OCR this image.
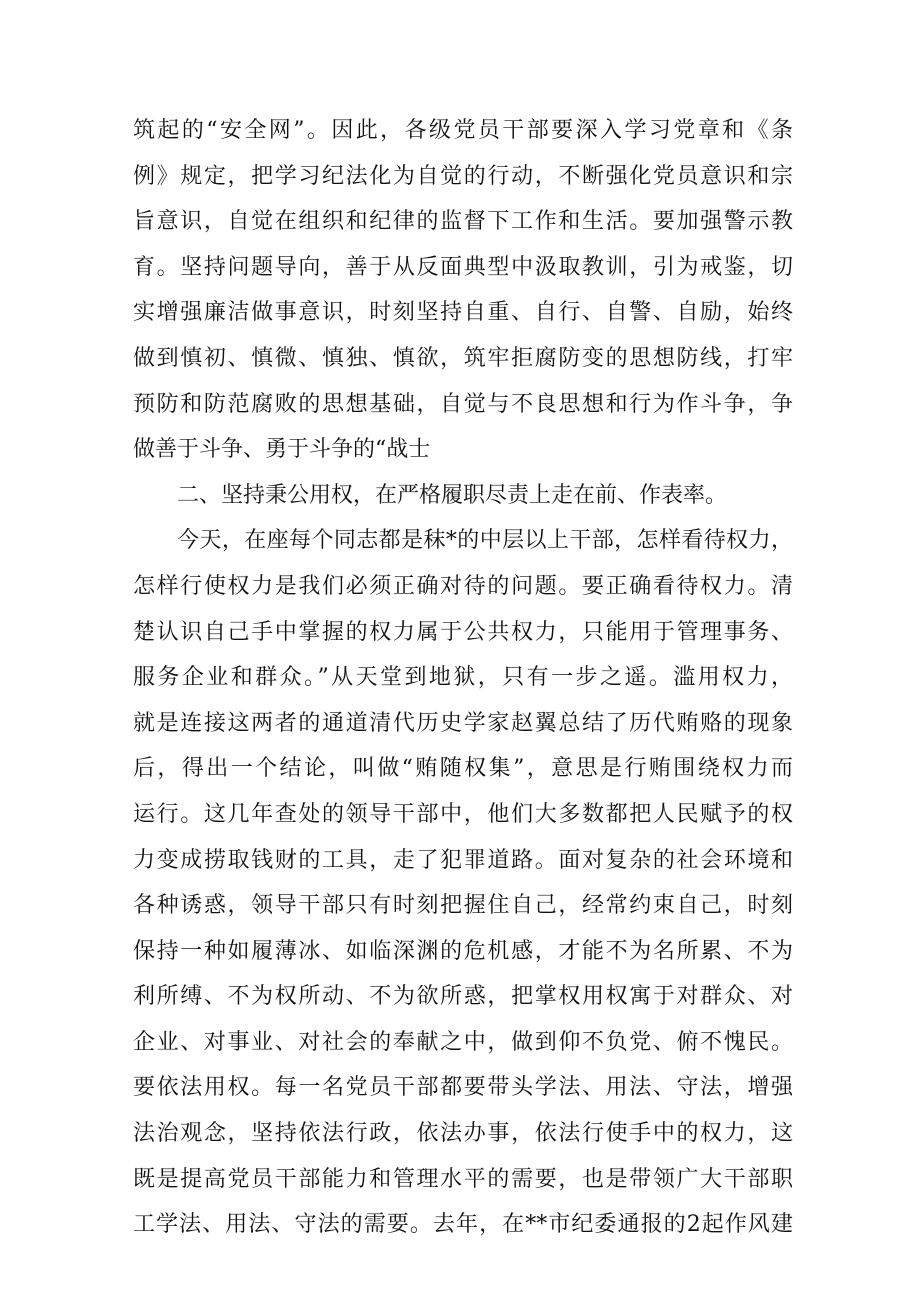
筑起的“安全网”。因此，各级党员干部要深入学习党章和《条
例》规定，把学习纪法化为自觉的行动，不断强化党员意识和宗
旨意识，自觉在组织和纪律的监督下工作和生活。要加强警示教
育。坚持问题导向，善于从反面典型中汲取教训，引为戒鉴，切
实增强廉洁做事意识，时刻坚持自重、自行、自警、自励，始终
做到慎初、慎微、慎独、慎欲，筑牢拒腐防变的思想防线，打牢
预防和防范腐败的思想基础，自觉与不良思想和行为作斗争，争
做善于斗争、勇于斗争的“战士
二、坚持秉公用权，在严格履职尽责上走在前、作表率。
今天，在座每个同志都是秣*的中层以上干部，怎样看待权力，
怎样行使权力是我们必须正确对待的问题。要正确看待权力。清
楚认识自己手中掌握的权力属于公共权力，只能用于管理事务、
服务企业和群众。”从天堂到地狱，只有一步之遥。滥用权力，
就是连接这两者的通道清代历史学家赵翼总结了历代贿赂的现象
后，得出一个结论，叫做“贿随权集”，意思是行贿围绕权力而
运行。这几年查处的领导干部中，他们大多数都把人民赋予的权
力变成捞取钱财的工具，走了犯罪道路。面对复杂的社会环境和
各种诱惑，领导干部只有时刻把握住自己，经常约束自己，时刻
保持一种如履薄冰、如临深渊的危机感，才能不为名所累、不为
利所缚、不为权所动、不为欲所惑，把掌权用权寓于对群众、对
企业、对事业、对社会的奉献之中，做到仰不负党、俯不愧民。
要依法用权。每一名党员干部都要带头学法、用法、守法，增强
法治观念，坚持依法行政，依法办事，依法行使手中的权力，这
既是提高党员干部能力和管理水平的需要，也是带领广大干部职
工学法、用法、守法的需要。去年，在**市纪委通报的2起作风建
